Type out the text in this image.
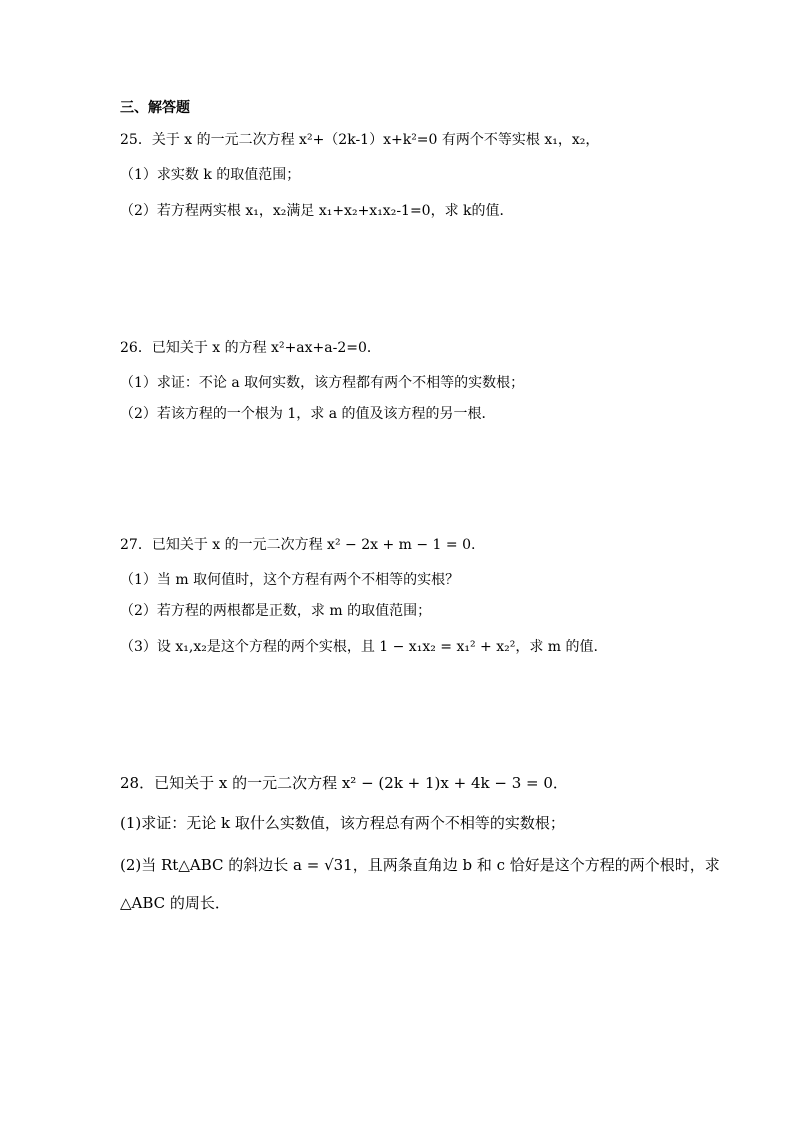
三、解答题
25．关于 x 的一元二次方程 x²+（2k-1）x+k²=0 有两个不等实根 x₁，x₂，
（1）求实数 k 的取值范围；
（2）若方程两实根 x₁，x₂满足 x₁+x₂+x₁x₂-1=0，求 k的值．
26．已知关于 x 的方程 x²+ax+a-2=0．
（1）求证：不论 a 取何实数，该方程都有两个不相等的实数根；
（2）若该方程的一个根为 1，求 a 的值及该方程的另一根．
27．已知关于 x 的一元二次方程 x² − 2x + m − 1 = 0.
（1）当 m 取何值时，这个方程有两个不相等的实根？
（2）若方程的两根都是正数，求 m 的取值范围；
（3）设 x₁,x₂是这个方程的两个实根，且 1 − x₁x₂ = x₁² + x₂²，求 m 的值.
28．已知关于 x 的一元二次方程 x² − (2k + 1)x + 4k − 3 = 0．
(1)求证：无论 k 取什么实数值，该方程总有两个不相等的实数根；
(2)当 Rt△ABC 的斜边长 a = √31，且两条直角边 b 和 c 恰好是这个方程的两个根时，求
△ABC 的周长．
